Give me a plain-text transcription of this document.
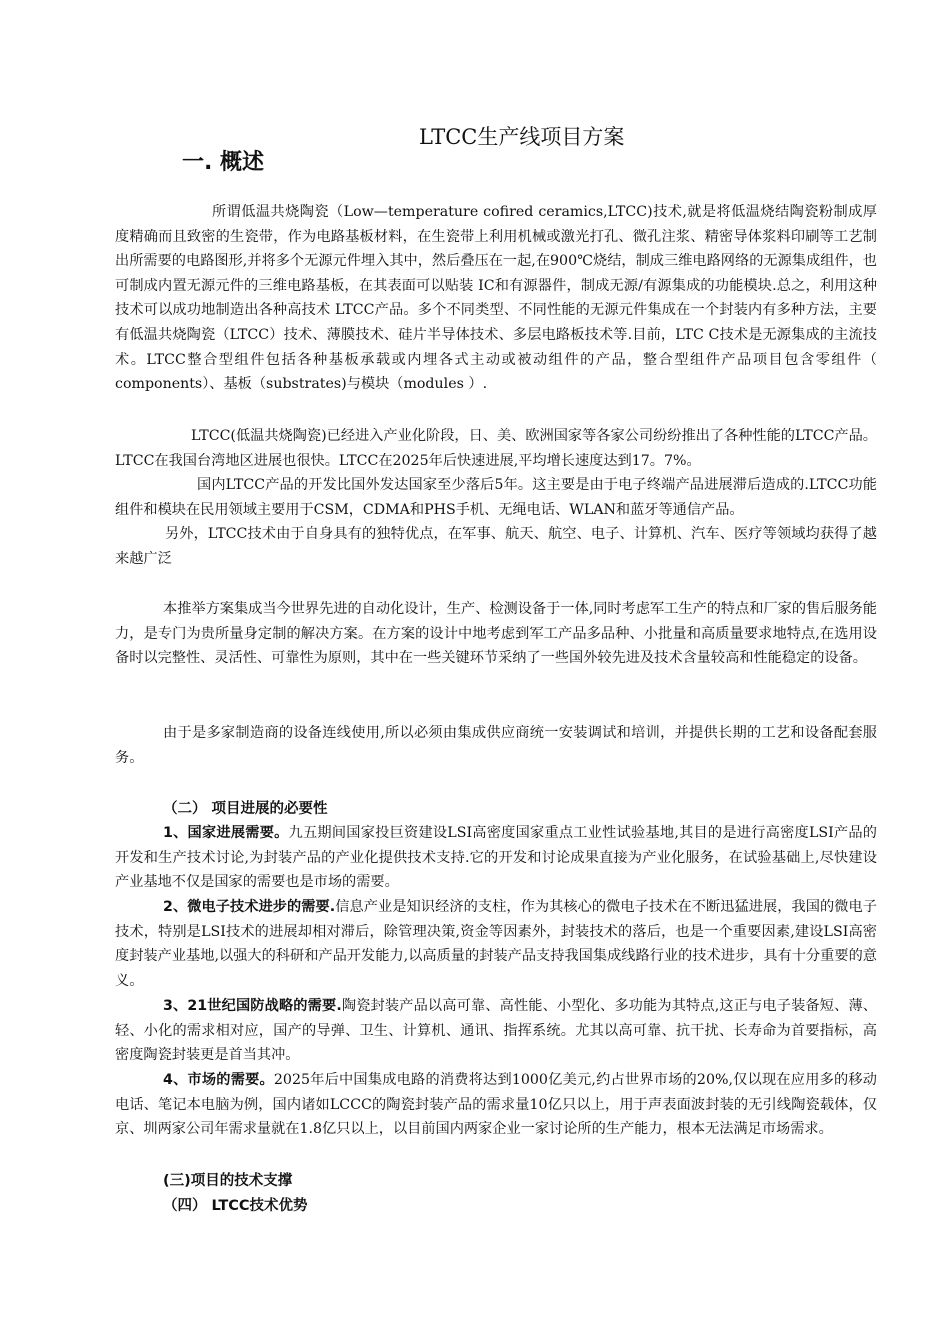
LTCC生产线项目方案
一. 概述

所谓低温共烧陶瓷（Low—temperature cofired ceramics,LTCC)技术,就是将低温烧结陶瓷粉制成厚度精确而且致密的生瓷带，作为电路基板材料，在生瓷带上利用机械或激光打孔、微孔注浆、精密导体浆料印刷等工艺制出所需要的电路图形,并将多个无源元件埋入其中，然后叠压在一起,在900℃烧结，制成三维电路网络的无源集成组件，也可制成内置无源元件的三维电路基板，在其表面可以贴装 IC和有源器件，制成无源/有源集成的功能模块.总之，利用这种技术可以成功地制造出各种高技术 LTCC产品。多个不同类型、不同性能的无源元件集成在一个封装内有多种方法，主要有低温共烧陶瓷（LTCC）技术、薄膜技术、硅片半导体技术、多层电路板技术等.目前，LTC C技术是无源集成的主流技术。LTCC整合型组件包括各种基板承载或内埋各式主动或被动组件的产品，整合型组件产品项目包含零组件（ components）、基板（substrates)与模块（modules ）.

LTCC(低温共烧陶瓷)已经进入产业化阶段，日、美、欧洲国家等各家公司纷纷推出了各种性能的LTCC产品。LTCC在我国台湾地区进展也很快。LTCC在2025年后快速进展,平均增长速度达到17。7%。

国内LTCC产品的开发比国外发达国家至少落后5年。这主要是由于电子终端产品进展滞后造成的.LTCC功能组件和模块在民用领域主要用于CSM，CDMA和PHS手机、无绳电话、WLAN和蓝牙等通信产品。

另外，LTCC技术由于自身具有的独特优点，在军事、航天、航空、电子、计算机、汽车、医疗等领域均获得了越来越广泛

本推举方案集成当今世界先进的自动化设计，生产、检测设备于一体,同时考虑军工生产的特点和厂家的售后服务能力，是专门为贵所量身定制的解决方案。在方案的设计中地考虑到军工产品多品种、小批量和高质量要求地特点,在选用设备时以完整性、灵活性、可靠性为原则，其中在一些关键环节采纳了一些国外较先进及技术含量较高和性能稳定的设备。

由于是多家制造商的设备连线使用,所以必须由集成供应商统一安装调试和培训，并提供长期的工艺和设备配套服务。

（二） 项目进展的必要性

1、国家进展需要。九五期间国家投巨资建设LSI高密度国家重点工业性试验基地,其目的是进行高密度LSI产品的开发和生产技术讨论,为封装产品的产业化提供技术支持.它的开发和讨论成果直接为产业化服务，在试验基础上,尽快建设产业基地不仅是国家的需要也是市场的需要。

2、微电子技术进步的需要.信息产业是知识经济的支柱，作为其核心的微电子技术在不断迅猛进展，我国的微电子技术，特别是LSI技术的进展却相对滞后，除管理决策,资金等因素外，封装技术的落后，也是一个重要因素,建设LSI高密度封装产业基地,以强大的科研和产品开发能力,以高质量的封装产品支持我国集成线路行业的技术进步，具有十分重要的意义。

3、21世纪国防战略的需要.陶瓷封装产品以高可靠、高性能、小型化、多功能为其特点,这正与电子装备短、薄、轻、小化的需求相对应，国产的导弹、卫生、计算机、通讯、指挥系统。尤其以高可靠、抗干扰、长寿命为首要指标，高密度陶瓷封装更是首当其冲。

4、市场的需要。2025年后中国集成电路的消费将达到1000亿美元,约占世界市场的20%,仅以现在应用多的移动电话、笔记本电脑为例，国内诸如LCCC的陶瓷封装产品的需求量10亿只以上，用于声表面波封装的无引线陶瓷载体，仅京、圳两家公司年需求量就在1.8亿只以上，以目前国内两家企业一家讨论所的生产能力，根本无法满足市场需求。

(三)项目的技术支撑
（四） LTCC技术优势
